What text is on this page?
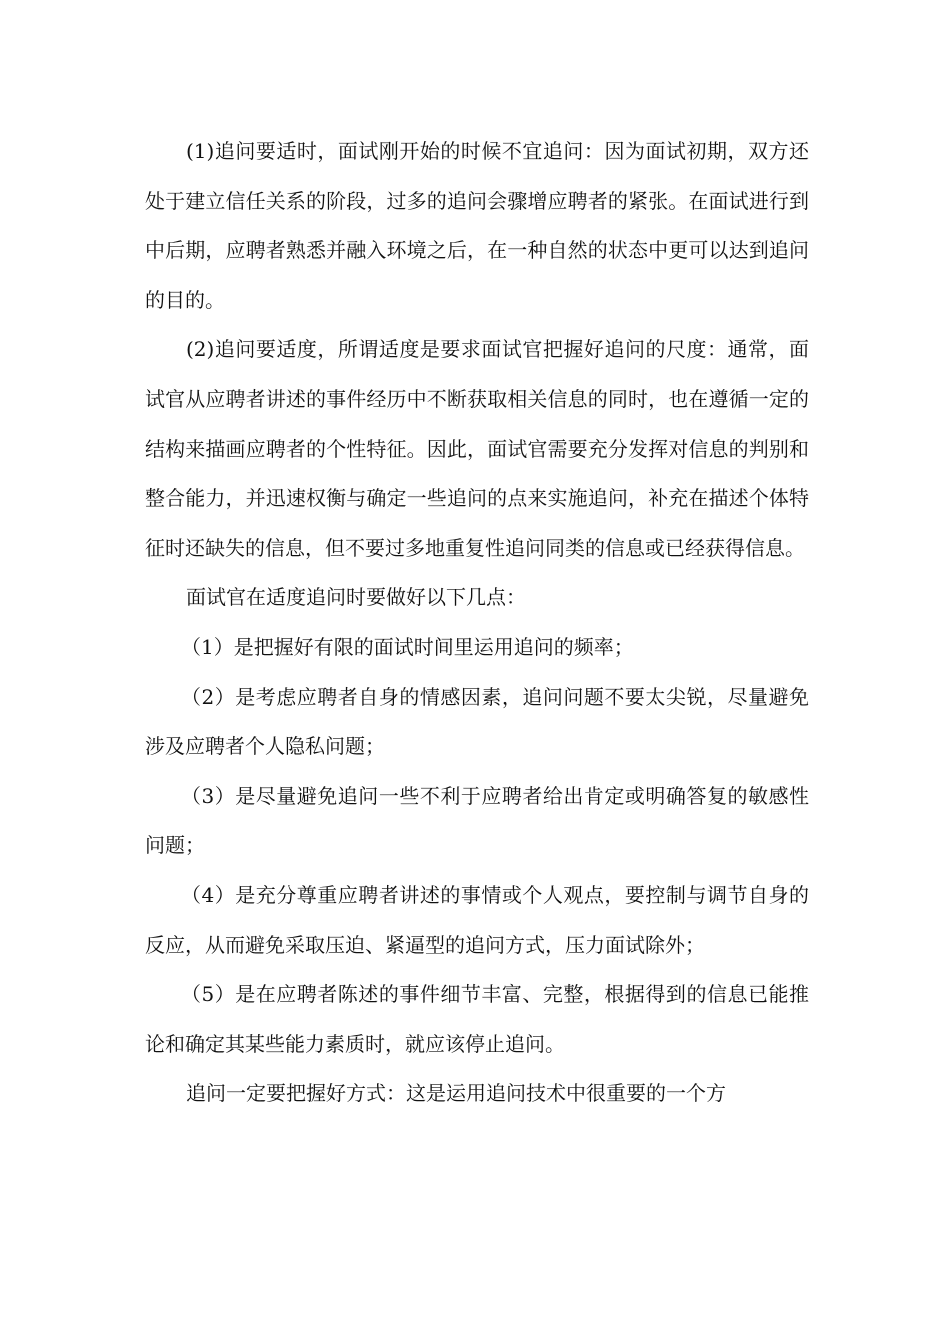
(1)追问要适时，面试刚开始的时候不宜追问：因为面试初期，双方还处于建立信任关系的阶段，过多的追问会骤增应聘者的紧张。在面试进行到中后期，应聘者熟悉并融入环境之后，在一种自然的状态中更可以达到追问的目的。

(2)追问要适度，所谓适度是要求面试官把握好追问的尺度：通常，面试官从应聘者讲述的事件经历中不断获取相关信息的同时，也在遵循一定的结构来描画应聘者的个性特征。因此，面试官需要充分发挥对信息的判别和整合能力，并迅速权衡与确定一些追问的点来实施追问，补充在描述个体特征时还缺失的信息，但不要过多地重复性追问同类的信息或已经获得信息。

面试官在适度追问时要做好以下几点：

（1）是把握好有限的面试时间里运用追问的频率；

（2）是考虑应聘者自身的情感因素，追问问题不要太尖锐，尽量避免涉及应聘者个人隐私问题；

（3）是尽量避免追问一些不利于应聘者给出肯定或明确答复的敏感性问题；

（4）是充分尊重应聘者讲述的事情或个人观点，要控制与调节自身的反应，从而避免采取压迫、紧逼型的追问方式，压力面试除外；

（5）是在应聘者陈述的事件细节丰富、完整，根据得到的信息已能推论和确定其某些能力素质时，就应该停止追问。

追问一定要把握好方式：这是运用追问技术中很重要的一个方
